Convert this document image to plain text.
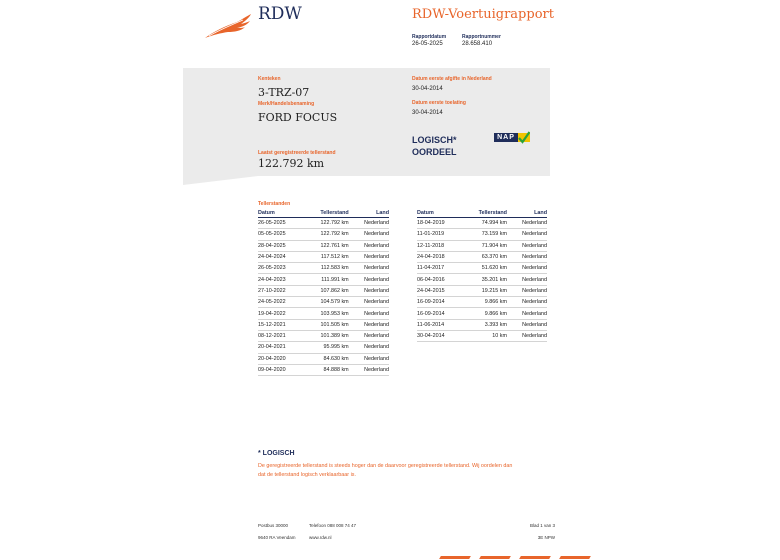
RDW	RDW-Voertuigrapport
Rapportdatum
26-05-2025
Rapportnummer
28.658.410
Kenteken
3-TRZ-07
Merk/Handelsbenaming
FORD FOCUS
Laatst geregistreerde tellerstand
122.792 km
Datum eerste afgifte in Nederland
30-04-2014
Datum eerste toelating
30-04-2014
LOGISCH*
OORDEEL
NAP
Tellerstanden
Datum	Tellerstand	Land
26-05-2025	122.792 km	Nederland
05-05-2025	122.792 km	Nederland
28-04-2025	122.761 km	Nederland
24-04-2024	117.512 km	Nederland
26-05-2023	112.583 km	Nederland
24-04-2023	111.991 km	Nederland
27-10-2022	107.862 km	Nederland
24-05-2022	104.579 km	Nederland
19-04-2022	103.953 km	Nederland
15-12-2021	101.505 km	Nederland
08-12-2021	101.389 km	Nederland
20-04-2021	95.995 km	Nederland
20-04-2020	84.630 km	Nederland
09-04-2020	84.888 km	Nederland
Datum	Tellerstand	Land
18-04-2019	74.994 km	Nederland
11-01-2019	73.159 km	Nederland
12-11-2018	71.904 km	Nederland
24-04-2018	63.370 km	Nederland
11-04-2017	51.620 km	Nederland
06-04-2016	35.201 km	Nederland
24-04-2015	19.215 km	Nederland
16-09-2014	9.866 km	Nederland
16-09-2014	9.866 km	Nederland
11-06-2014	3.393 km	Nederland
30-04-2014	10 km	Nederland
* LOGISCH
De geregistreerde tellerstand is steeds hoger dan de daarvoor geregistreerde tellerstand. Wij oordelen dan
dat de tellerstand logisch verklaarbaar is.
Postbus 30000
9640 RA Veendam
Telefoon 088 008 74 47
www.rdw.nl
Blad 1 van 3
3E NPW
